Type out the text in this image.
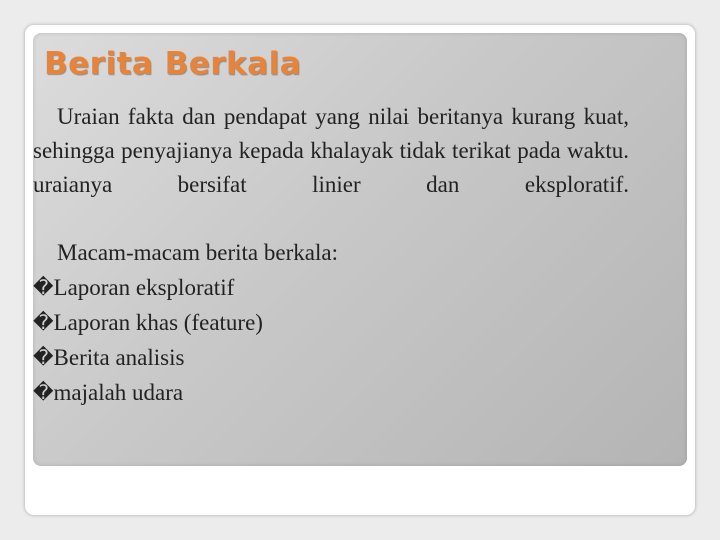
Berita Berkala

Uraian fakta dan pendapat yang nilai beritanya kurang kuat, sehingga penyajianya kepada khalayak tidak terikat pada waktu. uraianya bersifat linier dan eksploratif.

Macam-macam berita berkala:

�Laporan eksploratif

�Laporan khas (feature)

�Berita analisis

�majalah udara
